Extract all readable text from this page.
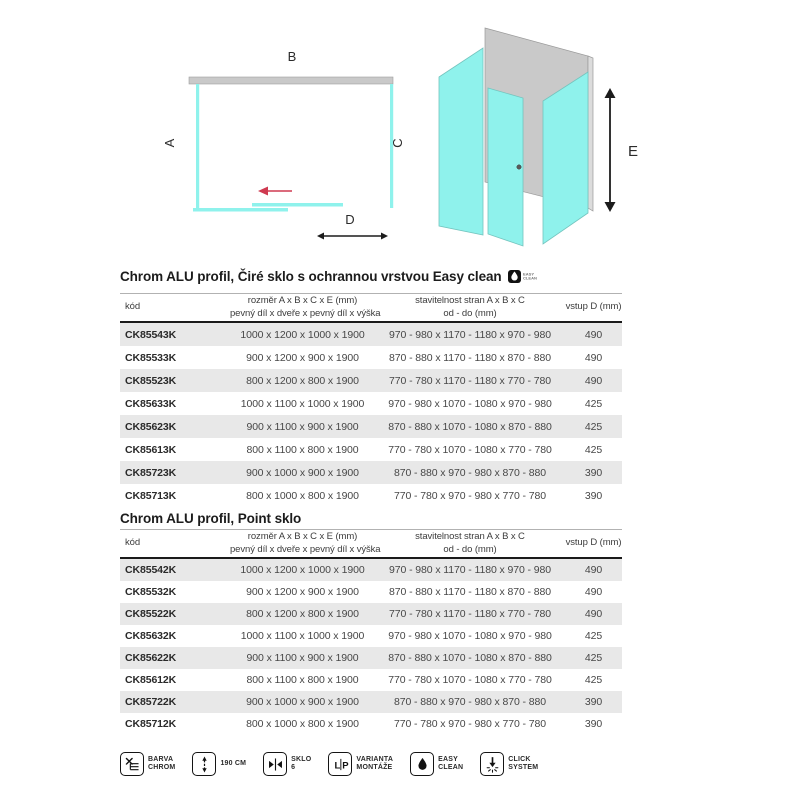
B
A	C
D
E
Chrom ALU profil, Čiré sklo s ochrannou vrstvou Easy clean EASY
CLEAN
kód
rozměr A x B x C x E (mm)
pevný díl x dveře x pevný díl x výška
stavitelnost stran A x B x C
od - do (mm)
vstup D (mm)
CK85543K	1000 x 1200 x 1000 x 1900	970 - 980 x 1170 - 1180 x 970 - 980	490
CK85533K	900 x 1200 x 900 x 1900	870 - 880 x 1170 - 1180 x 870 - 880	490
CK85523K	800 x 1200 x 800 x 1900	770 - 780 x 1170 - 1180 x 770 - 780	490
CK85633K	1000 x 1100 x 1000 x 1900	970 - 980 x 1070 - 1080 x 970 - 980	425
CK85623K	900 x 1100 x 900 x 1900	870 - 880 x 1070 - 1080 x 870 - 880	425
CK85613K	800 x 1100 x 800 x 1900	770 - 780 x 1070 - 1080 x 770 - 780	425
CK85723K	900 x 1000 x 900 x 1900	870 - 880 x 970 - 980 x 870 - 880	390
CK85713K	800 x 1000 x 800 x 1900	770 - 780 x 970 - 980 x 770 - 780	390
Chrom ALU profil, Point sklo
kód
rozměr A x B x C x E (mm)
pevný díl x dveře x pevný díl x výška
stavitelnost stran A x B x C
od - do (mm)
vstup D (mm)
CK85542K	1000 x 1200 x 1000 x 1900	970 - 980 x 1170 - 1180 x 970 - 980	490
CK85532K	900 x 1200 x 900 x 1900	870 - 880 x 1170 - 1180 x 870 - 880	490
CK85522K	800 x 1200 x 800 x 1900	770 - 780 x 1170 - 1180 x 770 - 780	490
CK85632K	1000 x 1100 x 1000 x 1900	970 - 980 x 1070 - 1080 x 970 - 980	425
CK85622K	900 x 1100 x 900 x 1900	870 - 880 x 1070 - 1080 x 870 - 880	425
CK85612K	800 x 1100 x 800 x 1900	770 - 780 x 1070 - 1080 x 770 - 780	425
CK85722K	900 x 1000 x 900 x 1900	870 - 880 x 970 - 980 x 870 - 880	390
CK85712K	800 x 1000 x 800 x 1900	770 - 780 x 970 - 980 x 770 - 780	390
BARVA
CHROM
190 CM
SKLO
6	L P
VARIANTA
MONTÁŽE
EASY
CLEAN
CLICK
SYSTEM
